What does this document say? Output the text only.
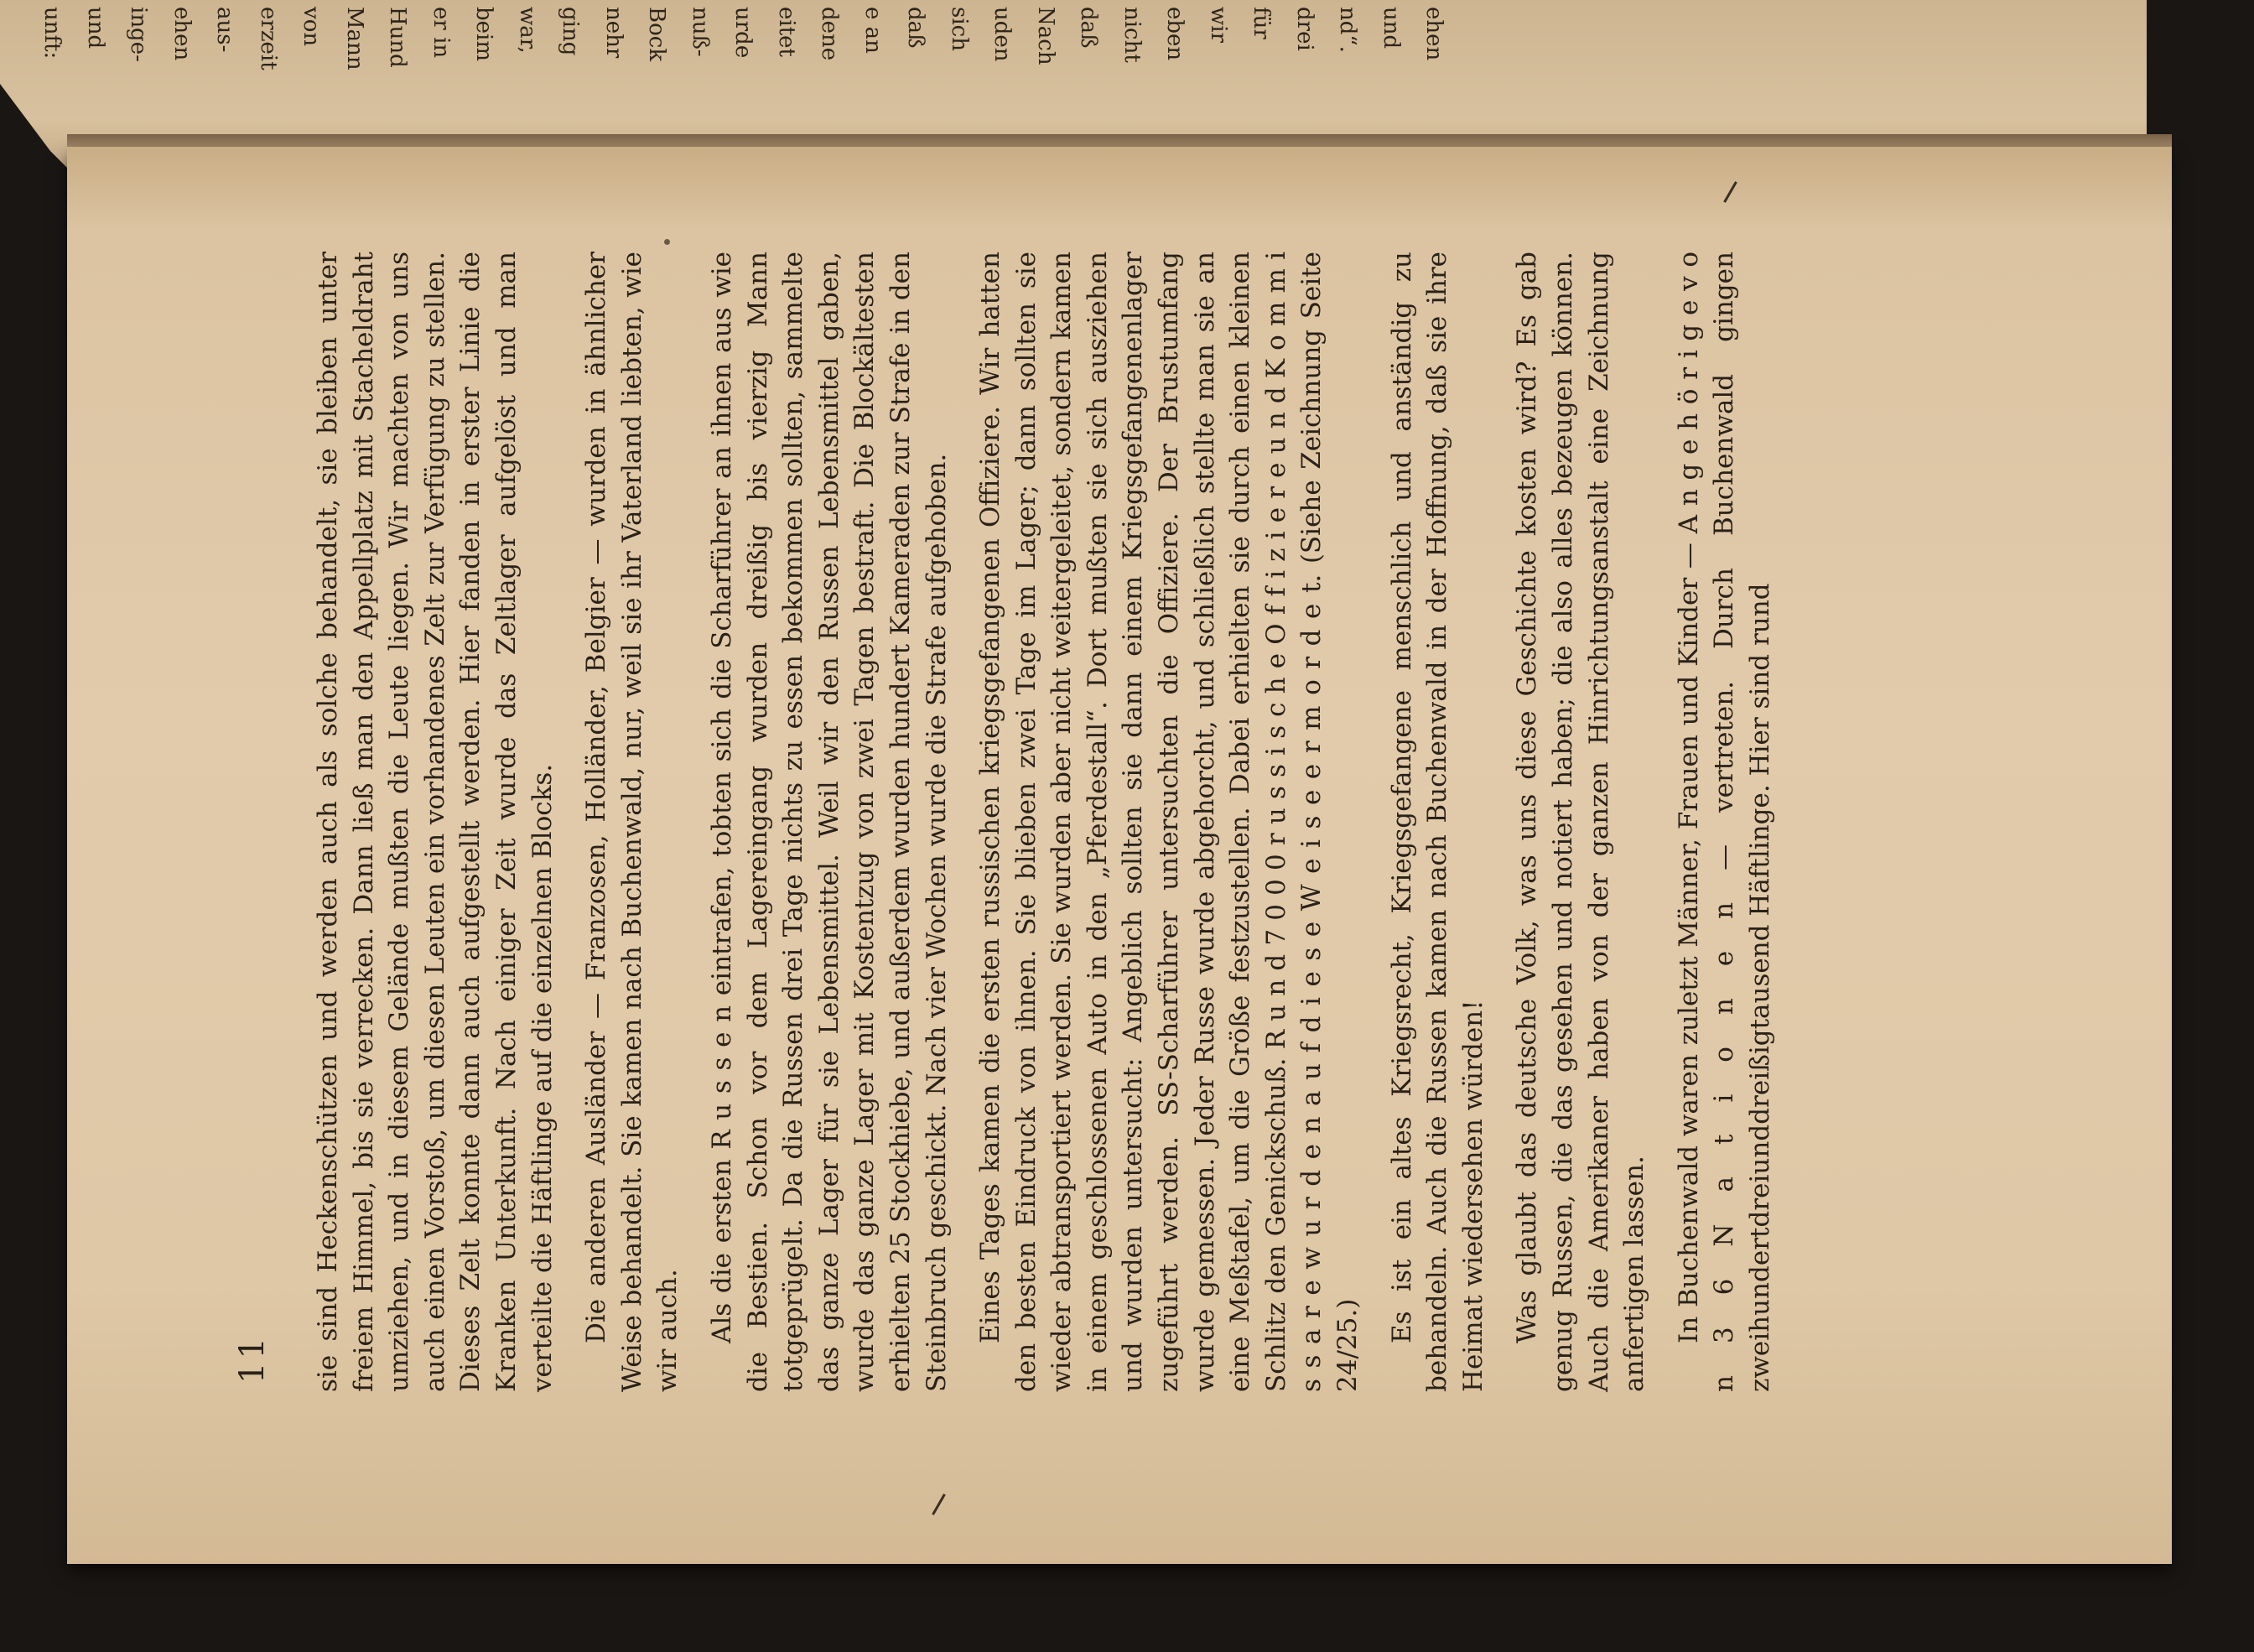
ehen
und
nd“.
drei
für
wir
eben
nicht
daß
Nach
uden
sich
daß
e an
dene
eitet
urde
nuß-
Bock
nehr
ging
war,
beim
er in
Hund
Mann
von
erzeit
aus-
ehen
inge-
und
unft:

sie sind Heckenschützen und werden auch als solche behandelt, sie bleiben unter freiem Himmel, bis sie verrecken. Dann ließ man den Appellplatz mit Stacheldraht umziehen, und in diesem Gelände mußten die Leute liegen. Wir machten von uns auch einen Vorstoß, um diesen Leuten ein vorhandenes Zelt zur Verfügung zu stellen. Dieses Zelt konnte dann auch aufgestellt werden. Hier fanden in erster Linie die Kranken Unterkunft. Nach einiger Zeit wurde das Zeltlager aufgelöst und man verteilte die Häftlinge auf die einzelnen Blocks. Die anderen Ausländer — Franzosen, Holländer, Belgier — wurden in ähnlicher Weise behandelt. Sie kamen nach Buchenwald, nur, weil sie ihr Vaterland liebten, wie wir auch. Als die ersten R u s s e n eintrafen, tobten sich die Scharführer an ihnen aus wie die Bestien. Schon vor dem Lagereingang wurden dreißig bis vierzig Mann totgeprügelt. Da die Russen drei Tage nichts zu essen bekommen sollten, sammelte das ganze Lager für sie Lebensmittel. Weil wir den Russen Lebensmittel gaben, wurde das ganze Lager mit Kostentzug von zwei Tagen bestraft. Die Blockältesten erhielten 25 Stockhiebe, und außerdem wurden hundert Kameraden zur Strafe in den Steinbruch geschickt. Nach vier Wochen wurde die Strafe aufgehoben. Eines Tages kamen die ersten russischen kriegsgefangenen Offiziere. Wir hatten den besten Eindruck von ihnen. Sie blieben zwei Tage im Lager; dann sollten sie wieder abtransportiert werden. Sie wurden aber nicht weitergeleitet, sondern kamen in einem geschlossenen Auto in den „Pferdestall“. Dort mußten sie sich ausziehen und wurden untersucht: Angeblich sollten sie dann einem Kriegsgefangenenlager zugeführt werden. SS-Scharführer untersuchten die Offiziere. Der Brustumfang wurde gemessen. Jeder Russe wurde abgehorcht, und schließlich stellte man sie an eine Meßtafel, um die Größe festzustellen. Dabei erhielten sie durch einen kleinen Schlitz den Genickschuß. R u n d 7 0 0 0 r u s s i s c h e O f f i z i e r e u n d K o m m i s s a r e w u r d e n a u f d i e s e W e i s e e r m o r d e t. (Siehe Zeichnung Seite 24/25.)

Es ist ein altes Kriegsrecht, Kriegsgefangene menschlich und anständig zu behandeln. Auch die Russen kamen nach Buchenwald in der Hoffnung, daß sie ihre Heimat wiedersehen würden! Was glaubt das deutsche Volk, was uns diese Geschichte kosten wird? Es gab genug Russen, die das gesehen und notiert haben; die also alles bezeugen können. Auch die Amerikaner haben von der ganzen Hinrichtungsanstalt eine Zeichnung anfertigen lassen. In Buchenwald waren zuletzt Männer, Frauen und Kinder — A n g e h ö r i g e v o n 3 6 N a t i o n e n — vertreten. Durch Buchenwald gingen zweihundertdreiunddreißigtausend Häftlinge. Hier sind rund

11
